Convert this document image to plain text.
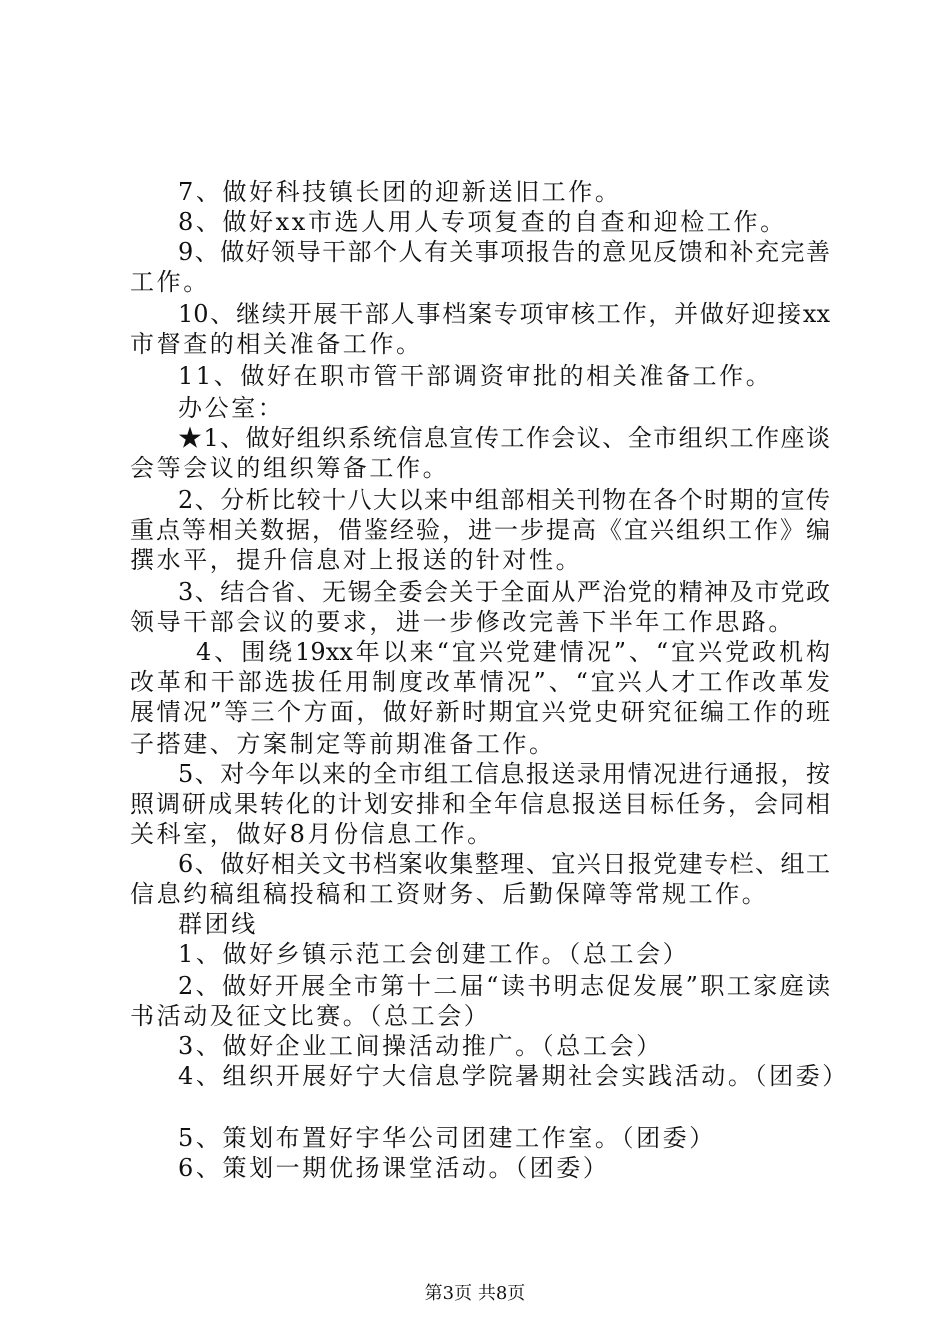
7、做好科技镇长团的迎新送旧工作。
8、做好xx市选人用人专项复查的自查和迎检工作。
9、做好领导干部个人有关事项报告的意见反馈和补充完善
工作。
10、继续开展干部人事档案专项审核工作，并做好迎接xx
市督查的相关准备工作。
11、做好在职市管干部调资审批的相关准备工作。
办公室：
★1、做好组织系统信息宣传工作会议、全市组织工作座谈
会等会议的组织筹备工作。
2、分析比较十八大以来中组部相关刊物在各个时期的宣传
重点等相关数据，借鉴经验，进一步提高《宜兴组织工作》编
撰水平，提升信息对上报送的针对性。
3、结合省、无锡全委会关于全面从严治党的精神及市党政
领导干部会议的要求，进一步修改完善下半年工作思路。
4、围绕19xx年以来“宜兴党建情况”、“宜兴党政机构
改革和干部选拔任用制度改革情况”、“宜兴人才工作改革发
展情况”等三个方面，做好新时期宜兴党史研究征编工作的班
子搭建、方案制定等前期准备工作。
5、对今年以来的全市组工信息报送录用情况进行通报，按
照调研成果转化的计划安排和全年信息报送目标任务，会同相
关科室，做好8月份信息工作。
6、做好相关文书档案收集整理、宜兴日报党建专栏、组工
信息约稿组稿投稿和工资财务、后勤保障等常规工作。
群团线
1、做好乡镇示范工会创建工作。（总工会）
2、做好开展全市第十二届“读书明志促发展”职工家庭读
书活动及征文比赛。（总工会）
3、做好企业工间操活动推广。（总工会）
4、组织开展好宁大信息学院暑期社会实践活动。（团委）
5、策划布置好宇华公司团建工作室。（团委）
6、策划一期优扬课堂活动。（团委）
第3页 共8页
